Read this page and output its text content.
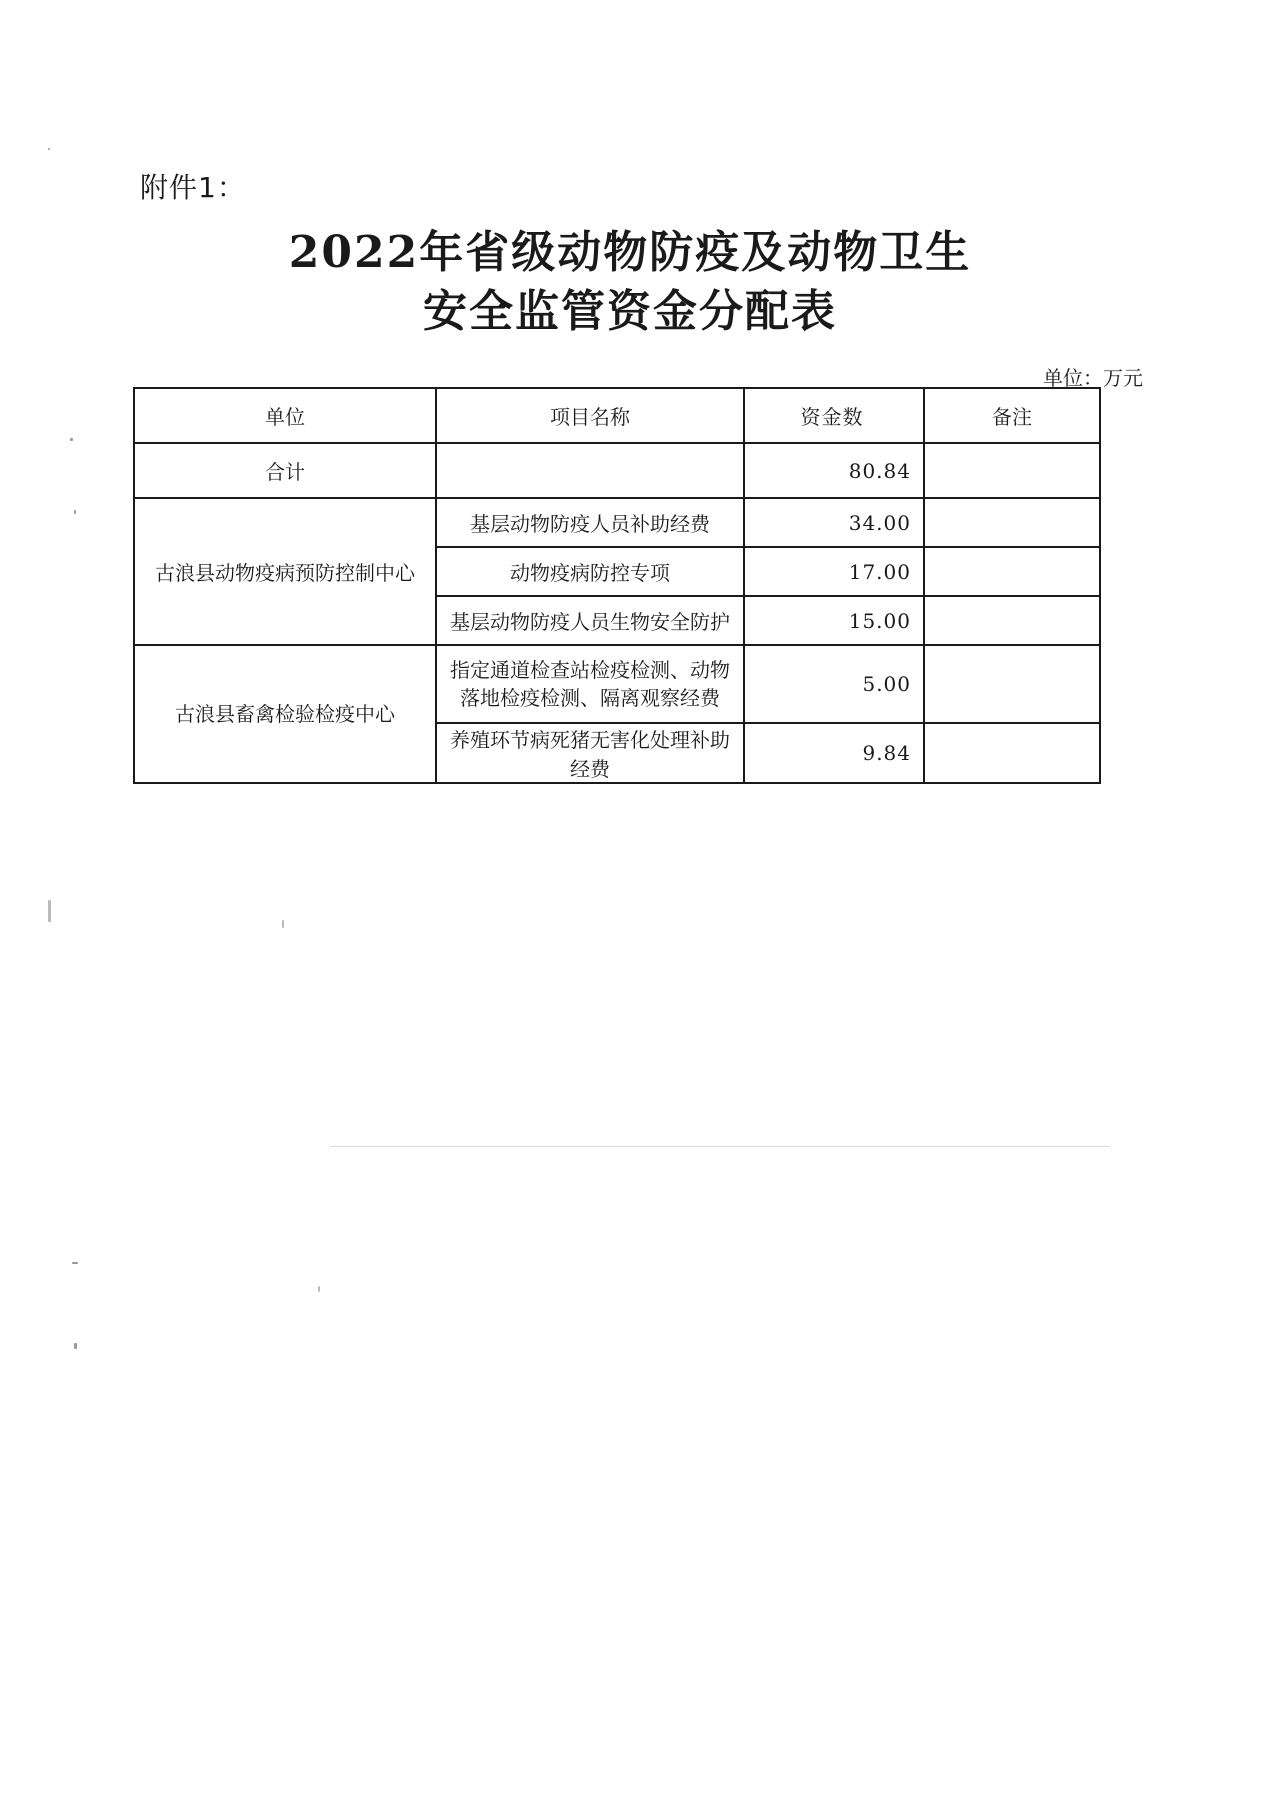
附件1：
2022年省级动物防疫及动物卫生
安全监管资金分配表
单位：万元
单位	项目名称	资金数	备注
合计		80.84	
古浪县动物疫病预防控制中心	基层动物防疫人员补助经费	34.00	
	动物疫病防控专项	17.00	
	基层动物防疫人员生物安全防护	15.00	
古浪县畜禽检验检疫中心	指定通道检查站检疫检测、动物落地检疫检测、隔离观察经费	5.00	
	养殖环节病死猪无害化处理补助经费	9.84	
